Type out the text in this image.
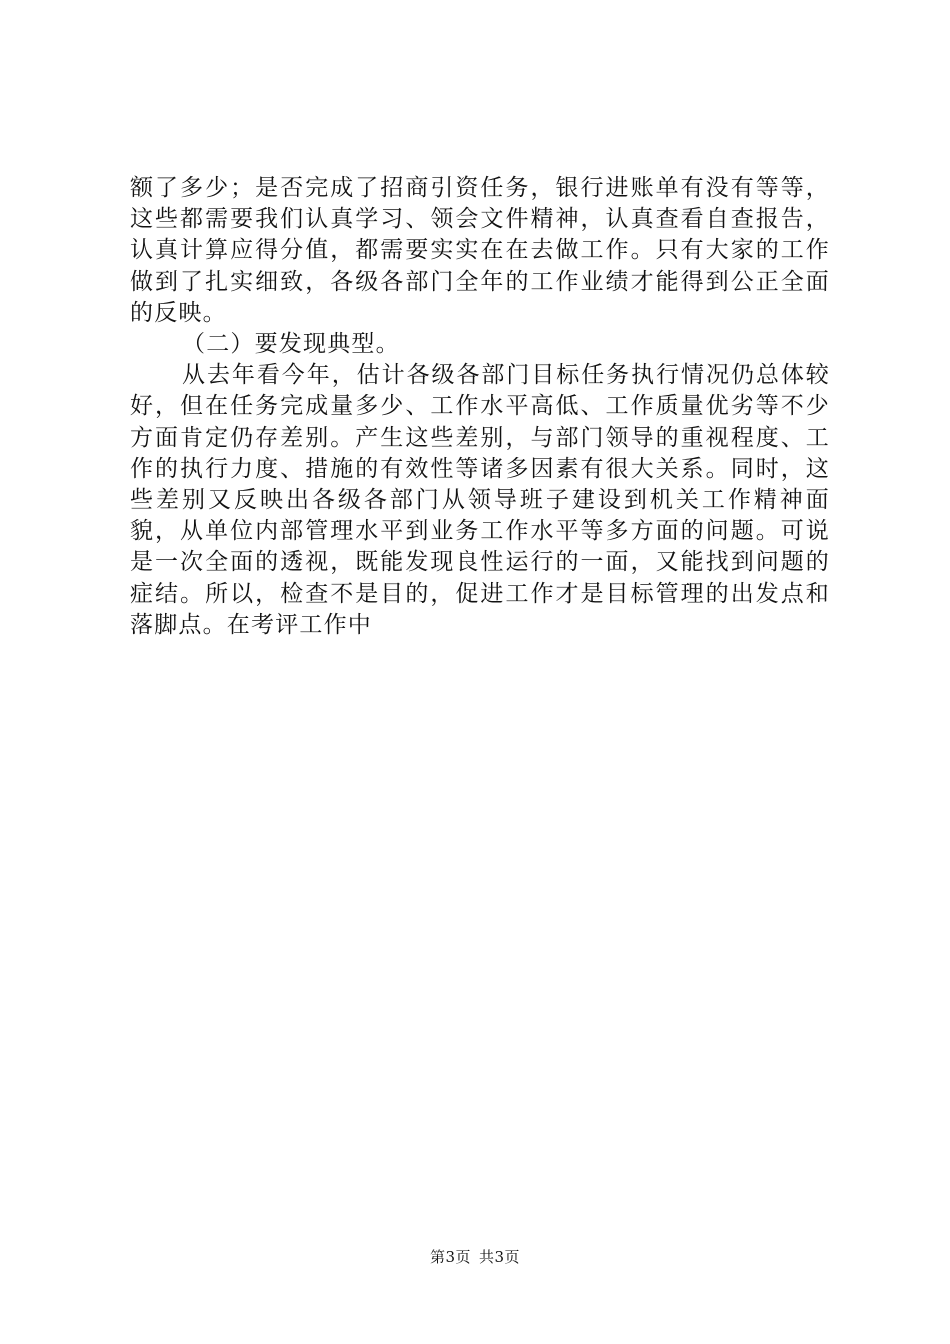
额了多少；是否完成了招商引资任务，银行进账单有没有等等，这些都需要我们认真学习、领会文件精神，认真查看自查报告，认真计算应得分值，都需要实实在在去做工作。只有大家的工作做到了扎实细致，各级各部门全年的工作业绩才能得到公正全面的反映。

（二）要发现典型。

从去年看今年，估计各级各部门目标任务执行情况仍总体较好，但在任务完成量多少、工作水平高低、工作质量优劣等不少方面肯定仍存差别。产生这些差别，与部门领导的重视程度、工作的执行力度、措施的有效性等诸多因素有很大关系。同时，这些差别又反映出各级各部门从领导班子建设到机关工作精神面貌，从单位内部管理水平到业务工作水平等多方面的问题。可说是一次全面的透视，既能发现良性运行的一面，又能找到问题的症结。所以，检查不是目的，促进工作才是目标管理的出发点和落脚点。在考评工作中

第3页 共3页
